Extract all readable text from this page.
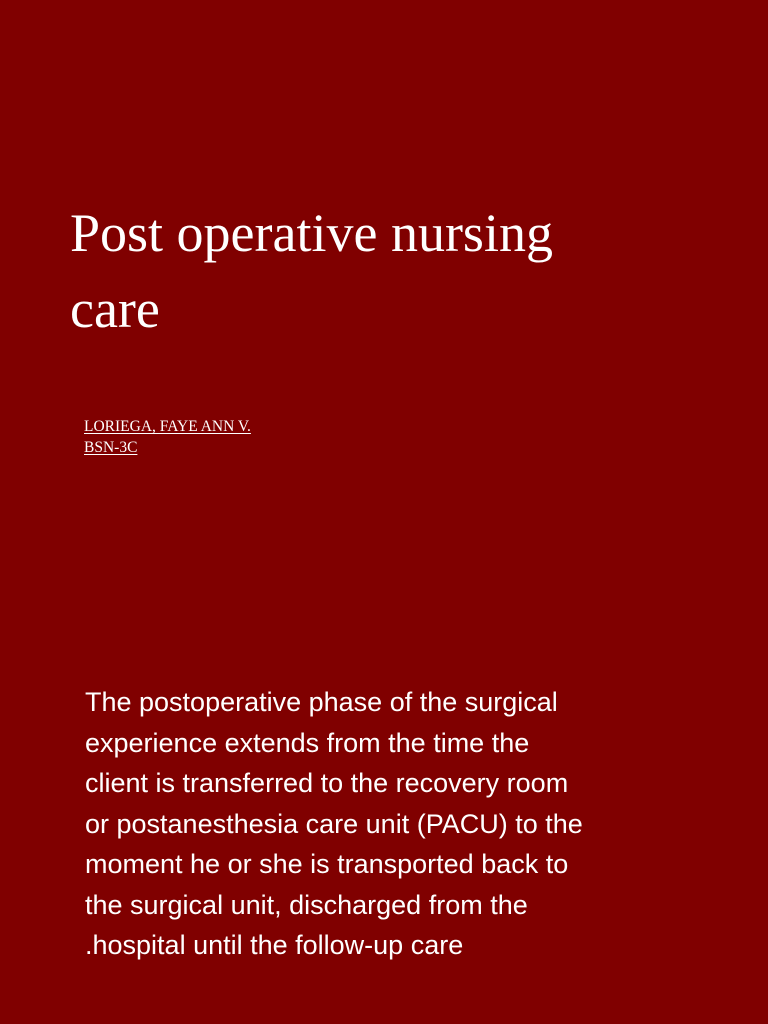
Post operative nursing
care
LORIEGA, FAYE ANN V.
BSN-3C

The postoperative phase of the surgical
experience extends from the time the
client is transferred to the recovery room
or postanesthesia care unit (PACU) to the
moment he or she is transported back to
the surgical unit, discharged from the
.hospital until the follow-up care
